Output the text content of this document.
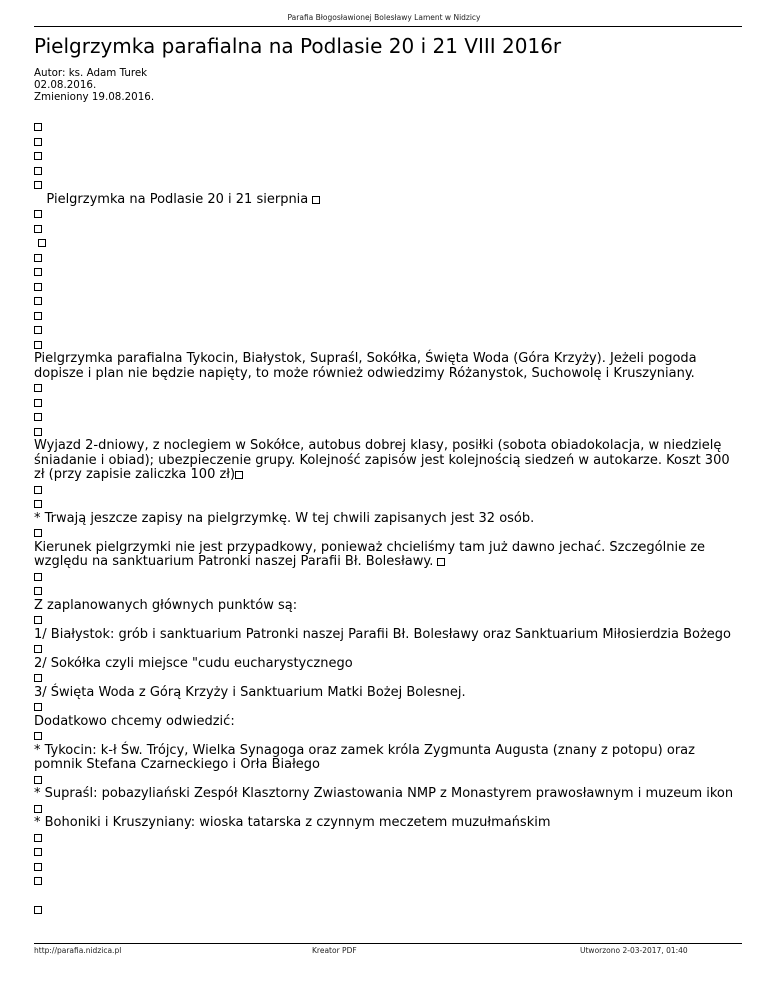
Parafia Błogosławionej Bolesławy Lament w Nidzicy
Pielgrzymka parafialna na Podlasie 20 i 21 VIII 2016r
Autor: ks. Adam Turek
02.08.2016.
Zmieniony 19.08.2016.
Pielgrzymka na Podlasie 20 i 21 sierpnia

Pielgrzymka parafialna Tykocin, Białystok, Supraśl, Sokółka, Święta Woda (Góra Krzyży). Jeżeli pogoda dopisze i plan nie będzie napięty, to może również odwiedzimy Różanystok, Suchowolę i Kruszyniany.
Wyjazd 2-dniowy, z noclegiem w Sokółce, autobus dobrej klasy, posiłki (sobota obiadokolacja, w niedzielę śniadanie i obiad); ubezpieczenie grupy. Kolejność zapisów jest kolejnością siedzeń w autokarze. Koszt 300 zł (przy zapisie zaliczka 100 zł)
* Trwają jeszcze zapisy na pielgrzymkę. W tej chwili zapisanych jest 32 osób.
Kierunek pielgrzymki nie jest przypadkowy, ponieważ chcieliśmy tam już dawno jechać. Szczególnie ze względu na sanktuarium Patronki naszej Parafii Bł. Bolesławy.
Z zaplanowanych głównych punktów są:
1/ Białystok: grób i sanktuarium Patronki naszej Parafii Bł. Bolesławy oraz Sanktuarium Miłosierdzia Bożego
2/ Sokółka czyli miejsce "cudu eucharystycznego
3/ Święta Woda z Górą Krzyży i Sanktuarium Matki Bożej Bolesnej.
Dodatkowo chcemy odwiedzić:
* Tykocin: k-ł Św. Trójcy, Wielka Synagoga oraz zamek króla Zygmunta Augusta (znany z potopu) oraz pomnik Stefana Czarneckiego i Orła Białego
* Supraśl: pobazyliański Zespół Klasztorny Zwiastowania NMP z Monastyrem prawosławnym i muzeum ikon
* Bohoniki i Kruszyniany: wioska tatarska z czynnym meczetem muzułmańskim
http://parafia.nidzica.pl	Kreator PDF	Utworzono 2-03-2017, 01:40
